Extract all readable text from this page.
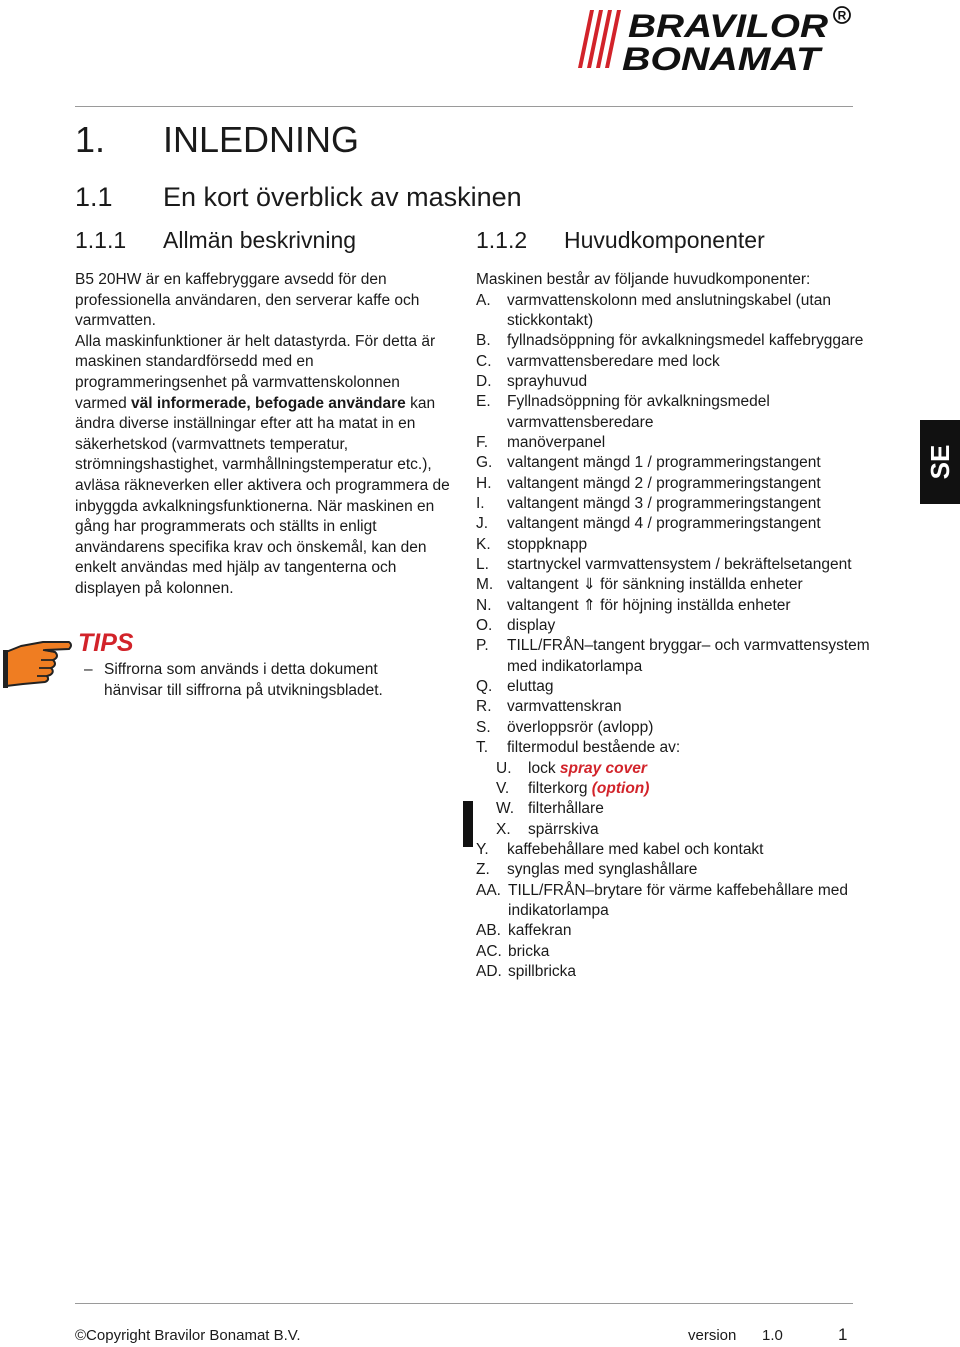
BRAVILOR
BONAMAT
R
1. INLEDNING
1.1 En kort överblick av maskinen
1.1.1 Allmän beskrivning	1.1.2 Huvudkomponenter

B5 20HW är en kaffebryggare avsedd för den professionella användaren, den serverar kaffe och varmvatten.

Alla maskinfunktioner är helt datastyrda. För detta är maskinen standardförsedd med en programmeringsenhet på varmvattenskolonnen varmed väl informerade, befogade användare kan ändra diverse inställningar efter att ha matat in en säkerhetskod (varmvattnets temperatur, strömningshastighet, varmhållningstemperatur etc.), avläsa räkneverken eller aktivera och programmera de inbyggda avkalkningsfunktionerna. När maskinen en gång har programmerats och ställts in enligt användarens specifika krav och önskemål, kan den enkelt användas med hjälp av tangenterna och displayen på kolonnen.

TIPS
– Siffrorna som används i detta dokument hänvisar till siffrorna på utvikningsbladet.
Maskinen består av följande huvudkomponenter:
A.	varmvattenskolonn med anslutningskabel (utan stickkontakt)
B.	fyllnadsöppning för avkalkningsmedel kaffebryggare
C.	varmvattensberedare med lock
D.	sprayhuvud
E.	Fyllnadsöppning för avkalkningsmedel varmvattensberedare
F.	manöverpanel
G. valtangent mängd 1 / programmeringstangent
H.	valtangent mängd 2 / programmeringstangent
I.	valtangent mängd 3 / programmeringstangent
J.	valtangent mängd 4 / programmeringstangent
K.	stoppknapp
L.	startnyckel varmvattensystem / bekräftelsetangent
M. valtangent ⇓ för sänkning inställda enheter
N.	valtangent ⇑ för höjning inställda enheter
O. display
P.	TILL/FRÅN–tangent bryggar– och varmvattensystem med indikatorlampa
Q. eluttag
R.	varmvattenskran
S.	överloppsrör (avlopp)
T.	filtermodul bestående av:
U.	lock spray cover
V.	filterkorg (option)
W. filterhållare
X.	spärrskiva
Y.	kaffebehållare med kabel och kontakt
Z.	synglas med synglashållare
AA. TILL/FRÅN–brytare för värme kaffebehållare med indikatorlampa
AB. kaffekran
AC. bricka
AD. spillbricka
SE
©Copyright Bravilor Bonamat B.V.	version 1.0	1
